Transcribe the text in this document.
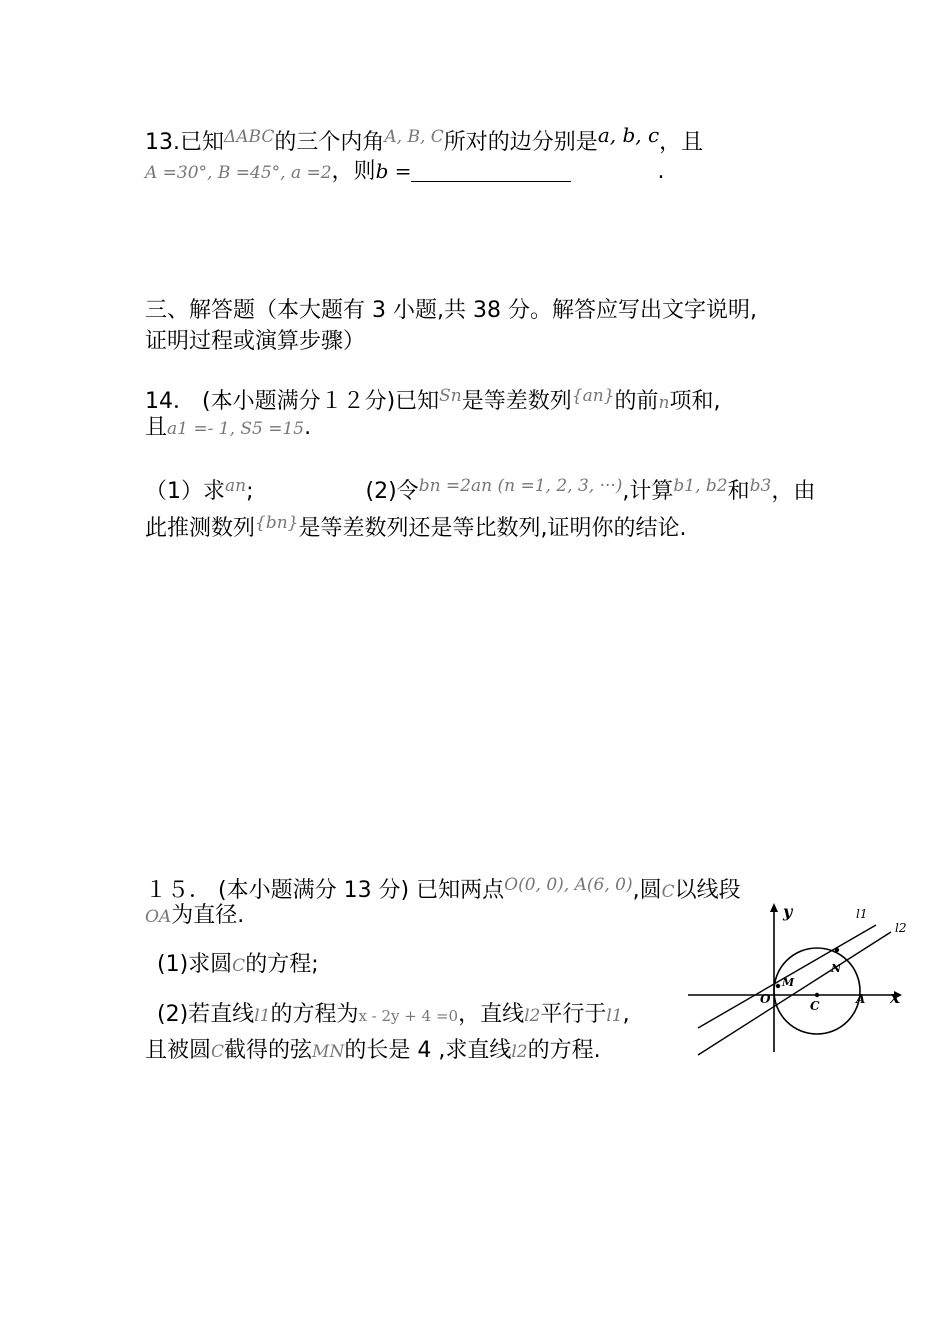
13.已知$^{\Delta ABC}$的三个内角$^{A, B, C}$所对的边分别是a, b, c，且
A =30°, B =45°, a =2，则b =	.
三、解答题（本大题有 3 小题,共 38 分。解答应写出文字说明,
证明过程或演算步骤）
14． (本小题满分１２分)已知$^{Sn}$是等差数列$^{\{an\}}$的前n项和,
且a1 =- 1, S5 =15.
（1）求$^{an}$;	(2)令$^{bn =2an (n =1, 2, 3, \cdot\cdot\cdot)}$,计算$^{b1, b2}$和$^{b3}$，由
此推测数列$^{\{bn\}}$是等差数列还是等比数列,证明你的结论.
１５． (本小题满分 13 分) 已知两点$^{O(0, 0), A(6, 0)}$,圆C以线段
OA为直径.
(1)求圆C的方程;
(2)若直线l1的方程为x - 2y + 4 =0，直线l2平行于l1,
且被圆C截得的弦MN的长是 4 ,求直线l2的方程.
y
x
O
M
N
C	A
l1
l2
